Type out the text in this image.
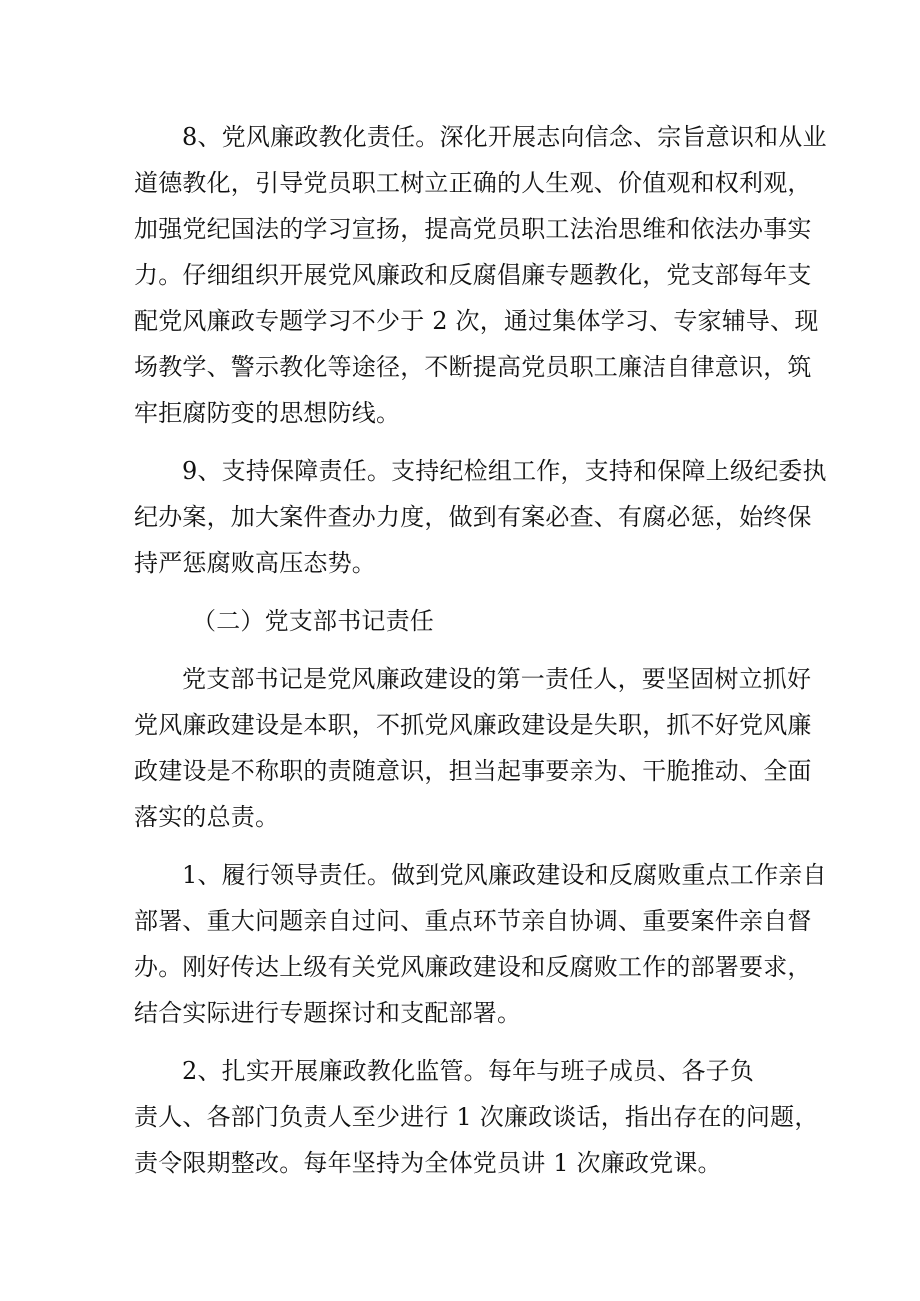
8、党风廉政教化责任。深化开展志向信念、宗旨意识和从业
道德教化，引导党员职工树立正确的人生观、价值观和权利观，
加强党纪国法的学习宣扬，提高党员职工法治思维和依法办事实
力。仔细组织开展党风廉政和反腐倡廉专题教化，党支部每年支
配党风廉政专题学习不少于 2 次，通过集体学习、专家辅导、现
场教学、警示教化等途径，不断提高党员职工廉洁自律意识，筑
牢拒腐防变的思想防线。
9、支持保障责任。支持纪检组工作，支持和保障上级纪委执
纪办案，加大案件查办力度，做到有案必查、有腐必惩，始终保
持严惩腐败高压态势。
（二）党支部书记责任
党支部书记是党风廉政建设的第一责任人，要坚固树立抓好
党风廉政建设是本职，不抓党风廉政建设是失职，抓不好党风廉
政建设是不称职的责随意识，担当起事要亲为、干脆推动、全面
落实的总责。
1、履行领导责任。做到党风廉政建设和反腐败重点工作亲自
部署、重大问题亲自过问、重点环节亲自协调、重要案件亲自督
办。刚好传达上级有关党风廉政建设和反腐败工作的部署要求，
结合实际进行专题探讨和支配部署。
2、扎实开展廉政教化监管。每年与班子成员、各子负
责人、各部门负责人至少进行 1 次廉政谈话，指出存在的问题，
责令限期整改。每年坚持为全体党员讲 1 次廉政党课。
